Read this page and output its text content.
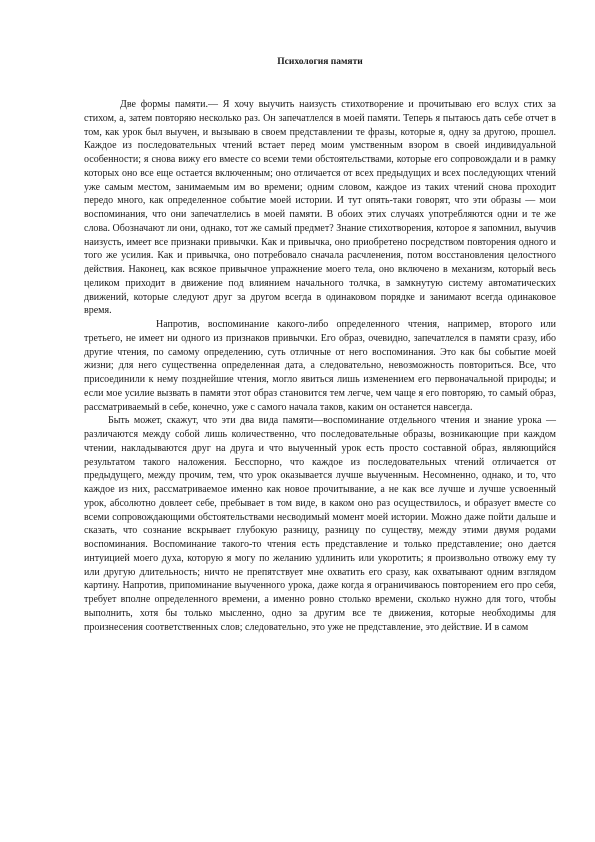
Психология памяти

Две формы памяти.— Я хочу выучить наизусть стихотворение и прочитываю его вслух стих за стихом, а, затем повторяю несколько раз. Он запечатлелся в моей памяти. Теперь я пытаюсь дать себе отчет в том, как урок был выучен, и вызываю в своем представлении те фразы, которые я, одну за другою, прошел. Каждое из последовательных чтений встает перед моим умственным взором в своей индивидуальной особенности; я снова вижу его вместе со всеми теми обстоятельствами, которые его сопровождали и в рамку которых оно все еще остается включенным; оно отличается от всех предыдущих и всех последующих чтений уже самым местом, занимаемым им во времени; одним словом, каждое из таких чтений снова проходит передо много, как определенное событие моей истории. И тут опять-таки говорят, что эти образы — мои воспоминания, что они запечатлелись в моей памяти. В обоих этих случаях употребляются одни и те же слова. Обозначают ли они, однако, тот же самый предмет? Знание стихотворения, которое я запомнил, выучив наизусть, имеет все признаки привычки. Как и привычка, оно приобретено посредством повторения одного и того же усилия. Как и привычка, оно потребовало сначала расчленения, потом восстановления целостного действия. Наконец, как всякое привычное упражнение моего тела, оно включено в механизм, который весь целиком приходит в движение под влиянием начального толчка, в замкнутую систему автоматических движений, которые следуют друг за другом всегда в одинаковом порядке и занимают всегда одинаковое время.

Напротив, воспоминание какого-либо определенного чтения, например, второго или третьего, не имеет ни одного из признаков привычки. Его образ, очевидно, запечатлелся в памяти сразу, ибо другие чтения, по самому определению, суть отличные от него воспоминания. Это как бы событие моей жизни; для него существенна определенная дата, а следовательно, невозможность повториться. Все, что присоединили к нему позднейшие чтения, могло явиться лишь изменением его первоначальной природы; и если мое усилие вызвать в памяти этот образ становится тем легче, чем чаще я его повторяю, то самый образ, рассматриваемый в себе, конечно, уже с самого начала таков, каким он останется навсегда.

Быть может, скажут, что эти два вида памяти—воспоминание отдельного чтения и знание урока — различаются между собой лишь количественно, что последовательные образы, возникающие при каждом чтении, накладываются друг на друга и что выученный урок есть просто составной образ, являющийся результатом такого наложения. Бесспорно, что каждое из последовательных чтений отличается от предыдущего, между прочим, тем, что урок оказывается лучше выученным. Несомненно, однако, и то, что каждое из них, рассматриваемое именно как новое прочитывание, а не как все лучше и лучше усвоенный урок, абсолютно довлеет себе, пребывает в том виде, в каком оно раз осуществилось, и образует вместе со всеми сопровождающими обстоятельствами несводимый момент моей истории. Можно даже пойти дальше и сказать, что сознание вскрывает глубокую разницу, разницу по существу, между этими двумя родами воспоминания. Воспоминание такого-то чтения есть представление и только представление; оно дается интуицией моего духа, которую я могу по желанию удлинить или укоротить; я произвольно отвожу ему ту или другую длительность; ничто не препятствует мне охватить его сразу, как охватывают одним взглядом картину. Напротив, припоминание выученного урока, даже когда я ограничиваюсь повторением его про себя, требует вполне определенного времени, а именно ровно столько времени, сколько нужно для того, чтобы выполнить, хотя бы только мысленно, одно за другим все те движения, которые необходимы для произнесения соответственных слов; следовательно, это уже не представление, это действие. И в самом
